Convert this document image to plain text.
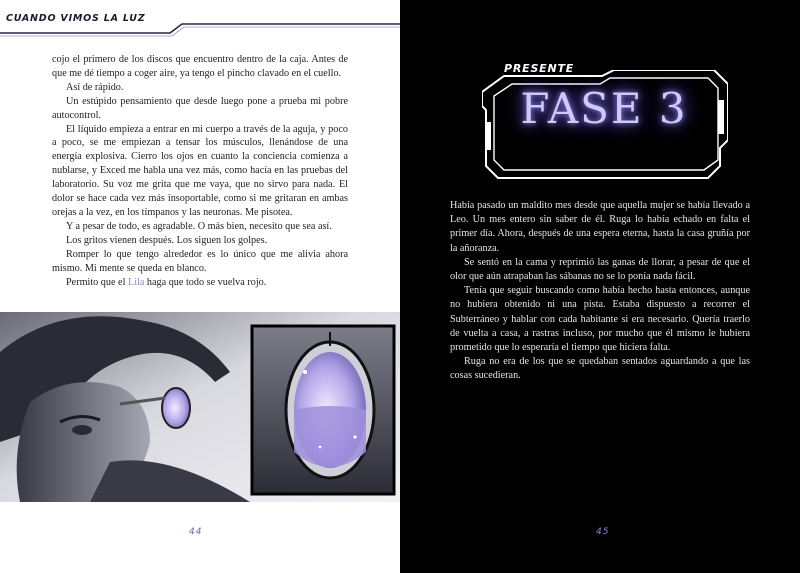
CUANDO VIMOS LA LUZ

cojo el primero de los discos que encuentro dentro de la caja. Antes de que me dé tiempo a coger aire, ya tengo el pincho clavado en el cuello.

Así de rápido.

Un estúpido pensamiento que desde luego pone a prueba mi pobre autocontrol.

El líquido empieza a entrar en mi cuerpo a través de la aguja, y poco a poco, se me empiezan a tensar los músculos, llenándose de una energía explosiva. Cierro los ojos en cuanto la conciencia comienza a nublarse, y Exced me habla una vez más, como hacía en las pruebas del laboratorio. Su voz me grita que me vaya, que no sirvo para nada. El dolor se hace cada vez más insoportable, como si me gritaran en ambas orejas a la vez, en los tímpanos y las neuronas. Me pisotea.

Y a pesar de todo, es agradable. O más bien, necesito que sea así.

Los gritos vienen después. Los siguen los golpes.

Romper lo que tengo alrededor es lo único que me alivia ahora mismo. Mi mente se queda en blanco.

Permito que el Lila haga que todo se vuelva rojo.

44
PRESENTE
FASE 3

Había pasado un maldito mes desde que aquella mujer se había llevado a Leo. Un mes entero sin saber de él. Ruga lo había echado en falta el primer día. Ahora, después de una espera eterna, hasta la casa gruñía por la añoranza.

Se sentó en la cama y reprimió las ganas de llorar, a pesar de que el olor que aún atrapaban las sábanas no se lo ponía nada fácil.

Tenía que seguir buscando como había hecho hasta entonces, aunque no hubiera obtenido ni una pista. Estaba dispuesto a recorrer el Subterráneo y hablar con cada habitante si era necesario. Quería traerlo de vuelta a casa, a rastras incluso, por mucho que él mismo le hubiera prometido que lo esperaría el tiempo que hiciera falta.

Ruga no era de los que se quedaban sentados aguardando a que las cosas sucedieran.

45
